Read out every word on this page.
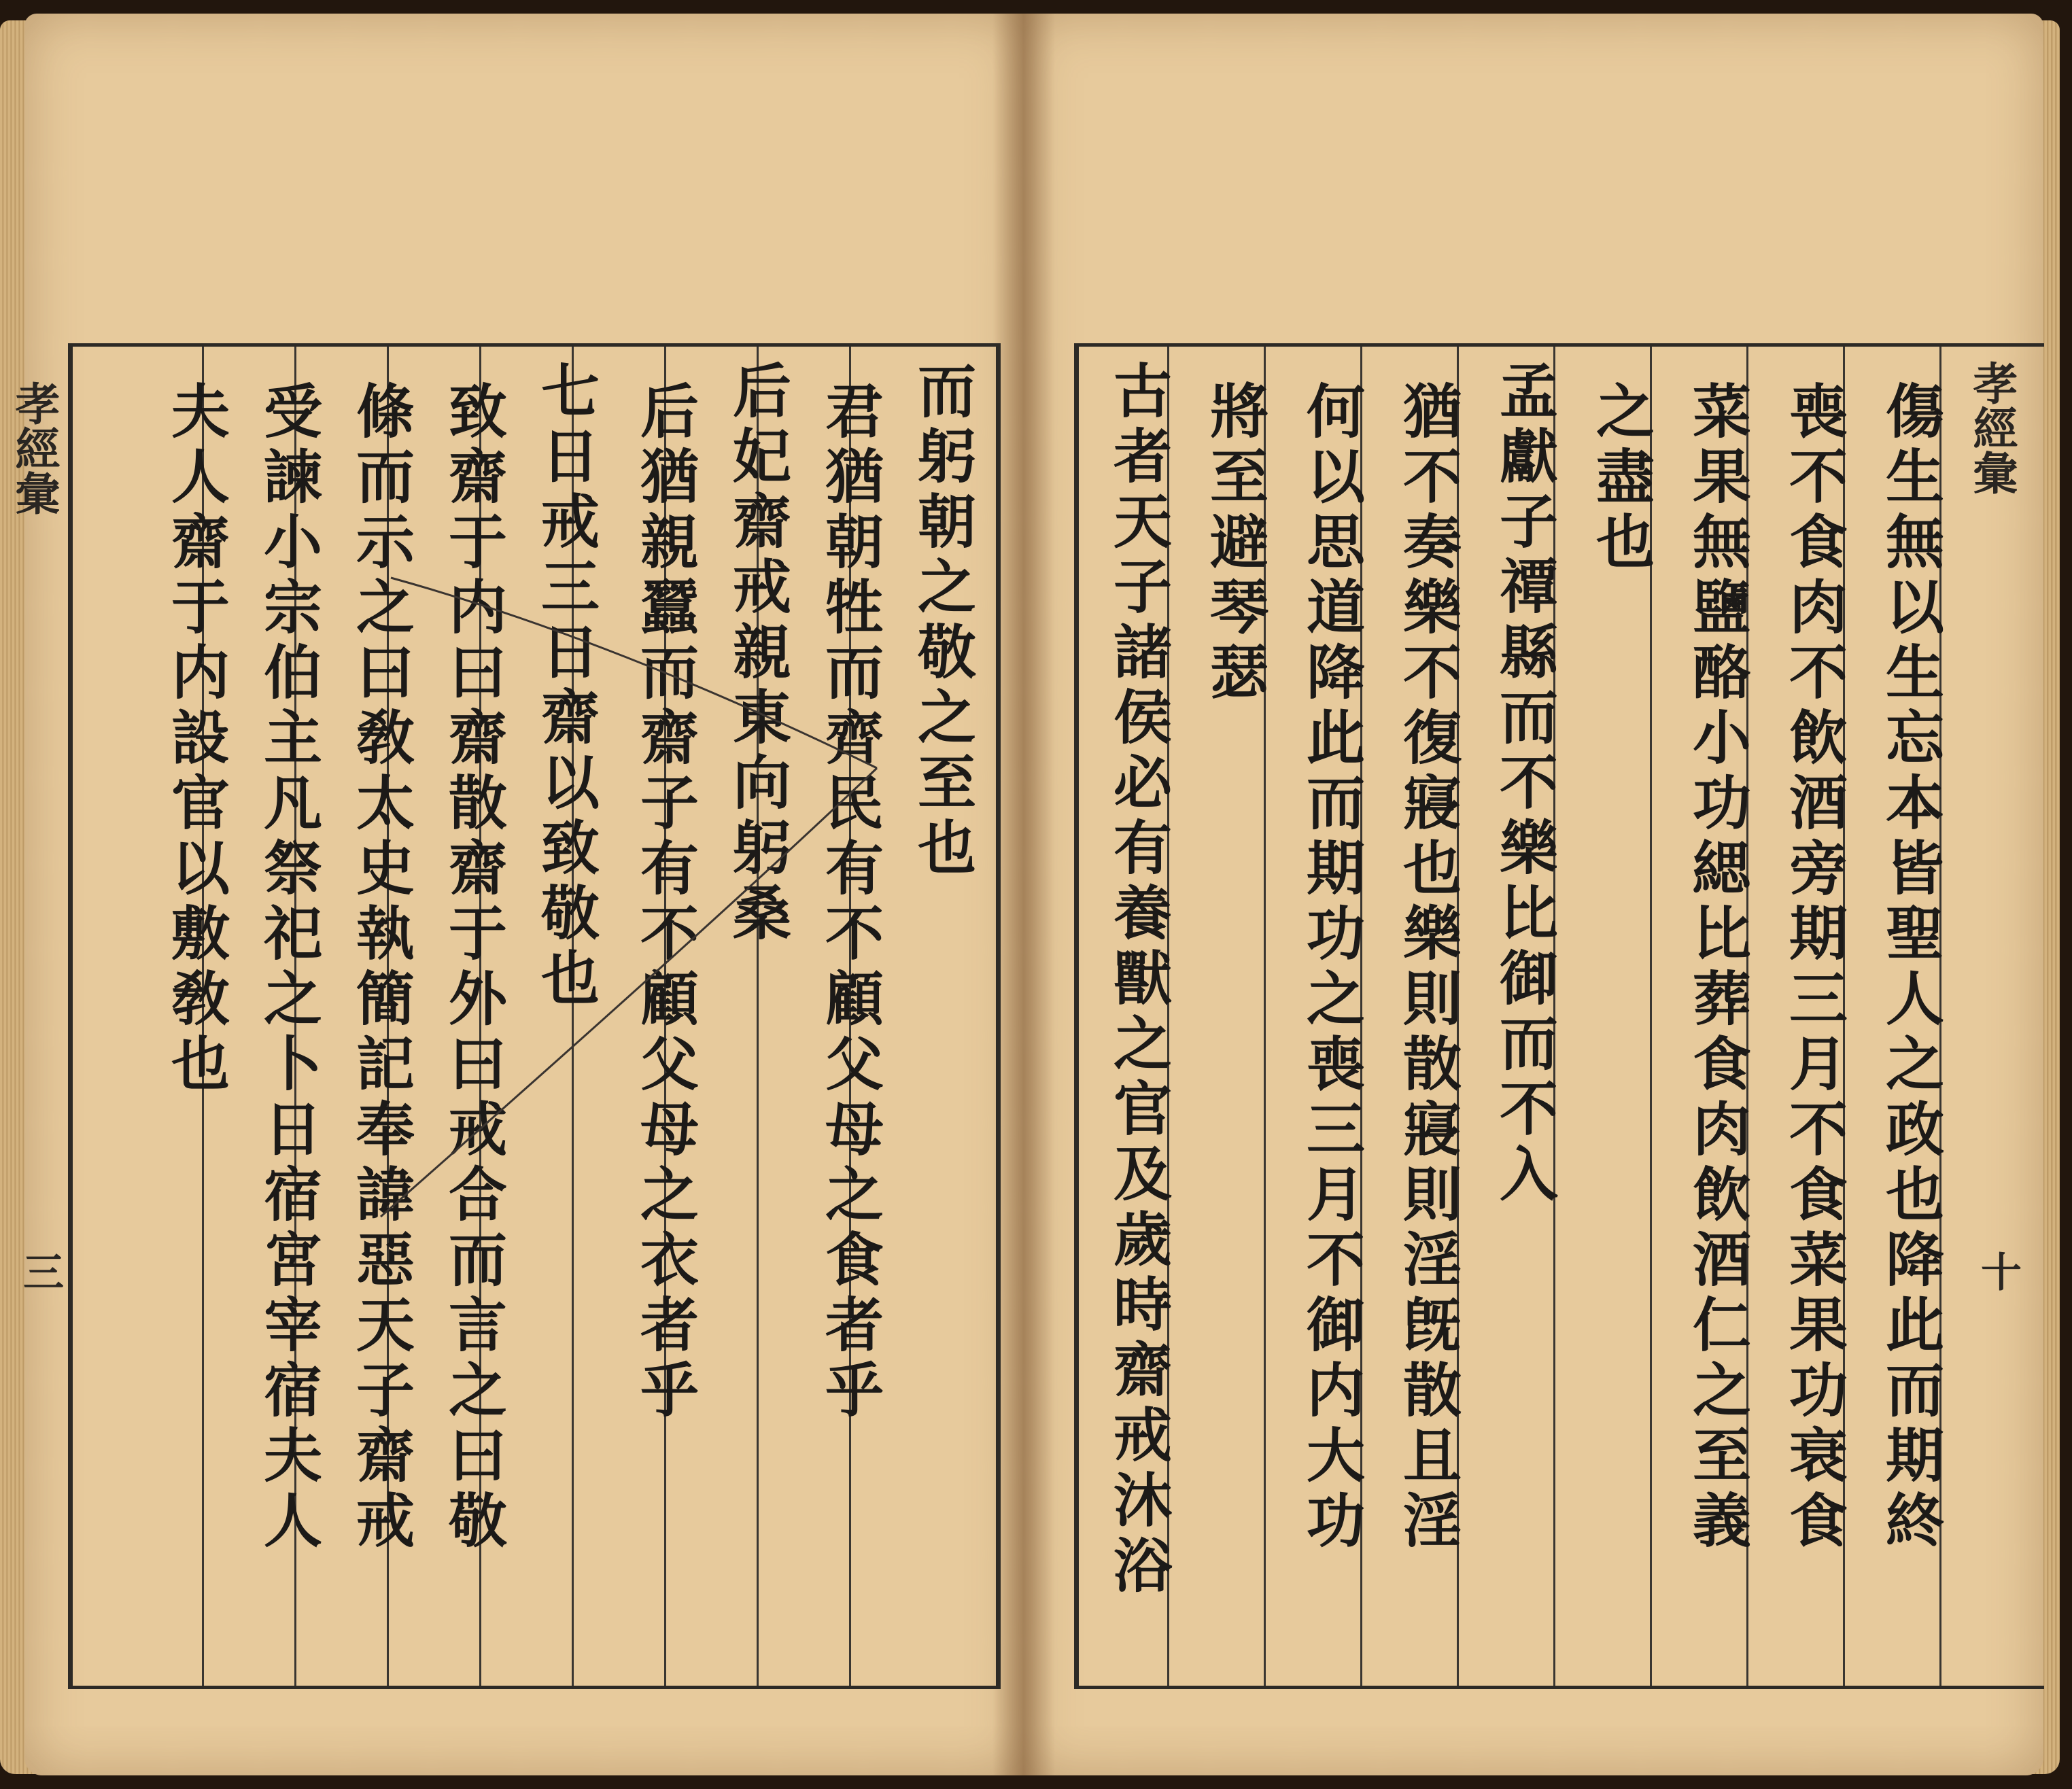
孝經彙
三
孝經彙
十
而躬朝之敬之至也
君猶朝牲而齊民有不顧父母之食者乎
后妃齋戒親東向躬桑
后猶親蠶而齋子有不顧父母之衣者乎
七日戒三日齋以致敬也
致齋于内曰齋散齋于外曰戒合而言之曰敬
條而示之曰敎太史執簡記奉諱惡天子齋戒
受諫小宗伯主凡祭祀之卜日宿宮宰宿夫人
夫人齋于内設官以敷敎也	傷生無以生忘本皆聖人之政也降此而期終
喪不食肉不飲酒旁期三月不食菜果功衰食
菜果無鹽酪小功緦比葬食肉飲酒仁之至義
之盡也
孟獻子禫縣而不樂比御而不入
猶不奏樂不復寢也樂則散寢則淫旣散且淫
何以思道降此而期功之喪三月不御内大功
將至避琴瑟
古者天子諸侯必有養獸之官及歲時齋戒沐浴
